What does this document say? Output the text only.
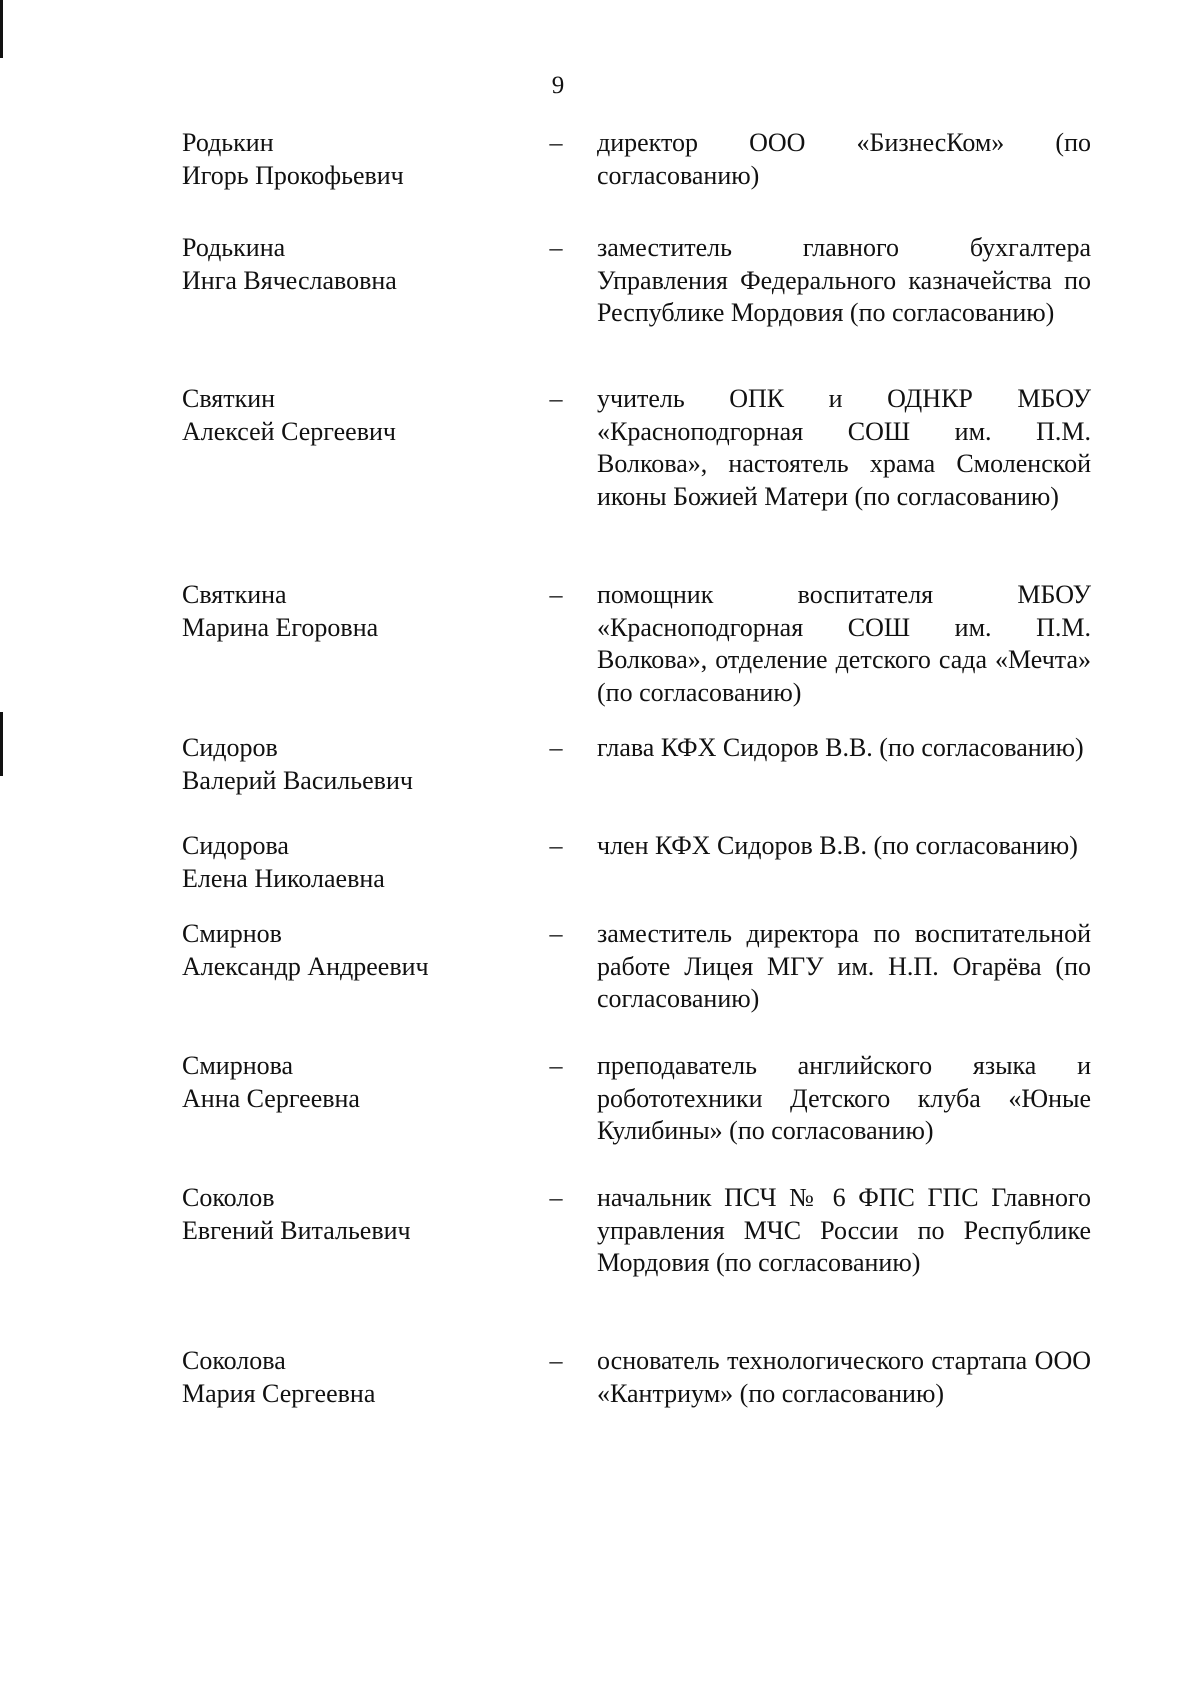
9
Родькин
Игорь Прокофьевич
– директор ООО «БизнесКом» (по согласованию)
Родькина
Инга Вячеславовна
– заместитель главного бухгалтера Управления Федерального казначейства по Республике Мордовия (по согласованию)
Святкин
Алексей Сергеевич
– учитель ОПК и ОДНКР МБОУ «Красноподгорная СОШ им. П.М. Волкова», настоятель храма Смоленской иконы Божией Матери (по согласованию)
Святкина
Марина Егоровна
– помощник воспитателя МБОУ «Красноподгорная СОШ им. П.М. Волкова», отделение детского сада «Мечта» (по согласованию)
Сидоров
Валерий Васильевич
– глава КФХ Сидоров В.В. (по согласованию)
Сидорова
Елена Николаевна
– член КФХ Сидоров В.В. (по согласованию)
Смирнов
Александр Андреевич
– заместитель директора по воспитательной работе Лицея МГУ им. Н.П. Огарёва (по согласованию)
Смирнова
Анна Сергеевна
– преподаватель английского языка и робототехники Детского клуба «Юные Кулибины» (по согласованию)
Соколов
Евгений Витальевич
– начальник ПСЧ № 6 ФПС ГПС Главного управления МЧС России по Республике Мордовия (по согласованию)
Соколова
Мария Сергеевна
– основатель технологического стартапа ООО «Кантриум» (по согласованию)
